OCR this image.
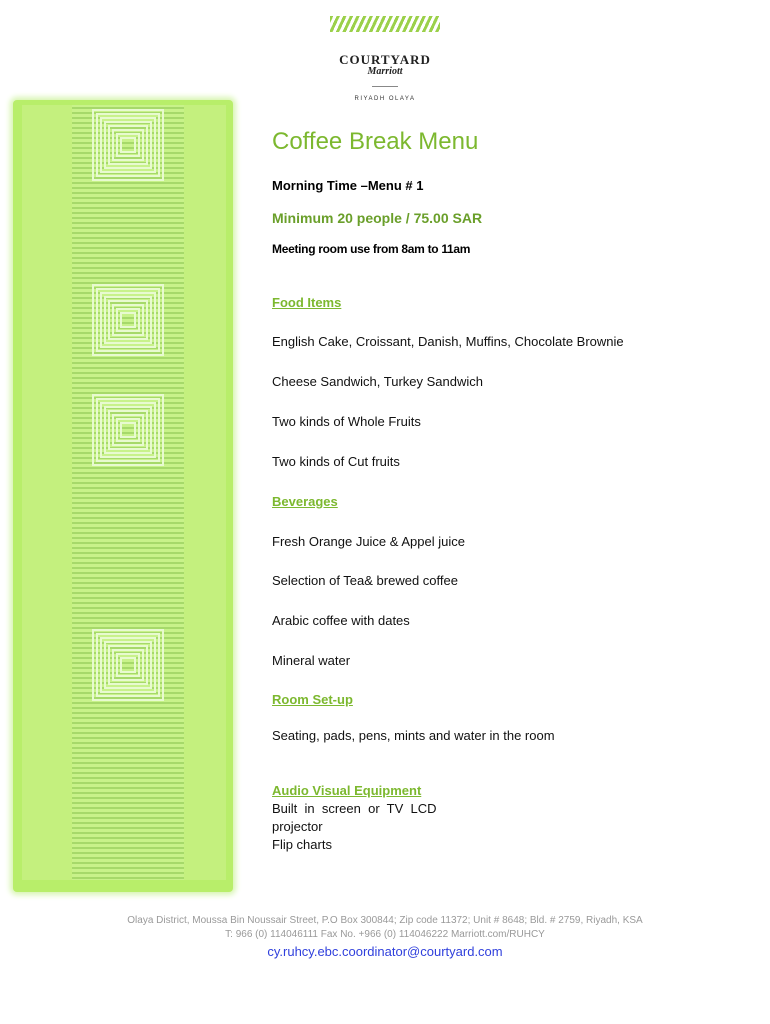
COURTYARD
Marriott
RIYADH OLAYA
Coffee Break Menu
Morning Time –Menu # 1
Minimum 20 people / 75.00 SAR
Meeting room use from 8am to 11am
Food Items
English Cake, Croissant, Danish, Muffins, Chocolate Brownie
Cheese Sandwich, Turkey Sandwich
Two kinds of Whole Fruits
Two kinds of Cut fruits
Beverages
Fresh Orange Juice & Appel juice
Selection of Tea& brewed coffee
Arabic coffee with dates
Mineral water
Room Set-up
Seating, pads, pens, mints and water in the room
Audio Visual Equipment
Built  in  screen  or  TV  LCD
projector
Flip charts
Olaya District, Moussa Bin Noussair Street, P.O Box 300844; Zip code 11372; Unit # 8648; Bld. # 2759, Riyadh, KSA
T: 966 (0) 114046111 Fax No. +966 (0) 114046222 Marriott.com/RUHCY
cy.ruhcy.ebc.coordinator@courtyard.com
